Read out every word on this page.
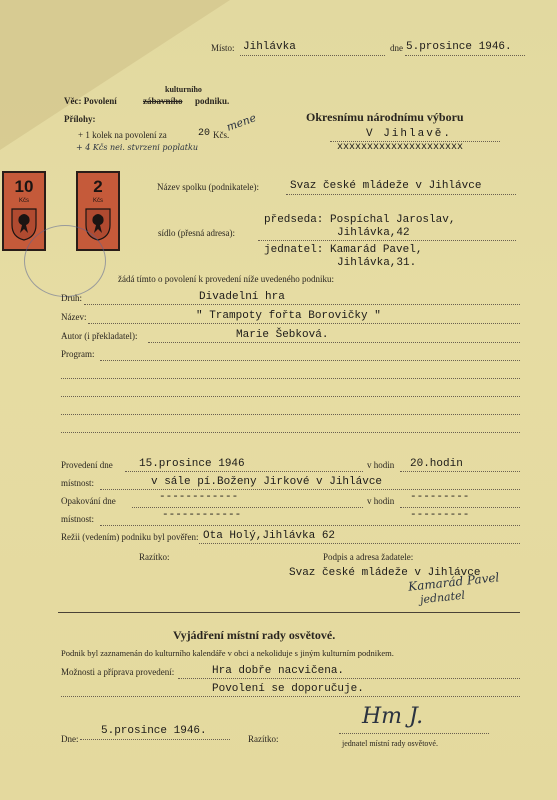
Místo: Jihlávka	dne 5.prosince 1946.
kulturního
Věc: Povolení	zábavního podniku.
Přílohy:
+ 1 kolek na povolení za	20 Kčs.
mene
+ 4 Kčs nei. stvrzeni poplatku
Okresnímu národnímu výboru
V Jihlavě.
xxxxxxxxxxxxxxxxxxxxx
10
Kčs
2
Kčs
Název spolku (podnikatele):	Svaz české mládeže v Jihlávce
sídlo (přesná adresa):
předseda: Pospíchal Jaroslav,
Jihlávka,42
jednatel: Kamarád Pavel,
Jihlávka,31.
žádá tímto o povolení k provedení níže uvedeného podniku:
Druh:	Divadelní hra
Název:	" Trampoty fořta Borovičky "
Autor (i překladatel):	Marie Šebková.
Program:
Provedení dne 15.prosince 1946	v hodin 20.hodin
místnost:	v sále pí.Boženy Jirkové v Jihlávce
Opakování dne	------------	v hodin ---------
místnost:	------------	---------
Režii (vedením) podniku byl pověřen: Ota Holý,Jihlávka 62
Razítko:	Podpis a adresa žadatele:
Svaz české mládeže v Jihlávce
Kamarád Pavel
jednatel
Vyjádření místní rady osvětové.
Podnik byl zaznamenán do kulturního kalendáře v obci a nekoliduje s jiným kulturním podnikem.
Možnosti a příprava provedení:	Hra dobře nacvičena.
Povolení se doporučuje.
Dne:
5.prosince 1946.
Razítko:
Hm J.
jednatel místní rady osvětové.
